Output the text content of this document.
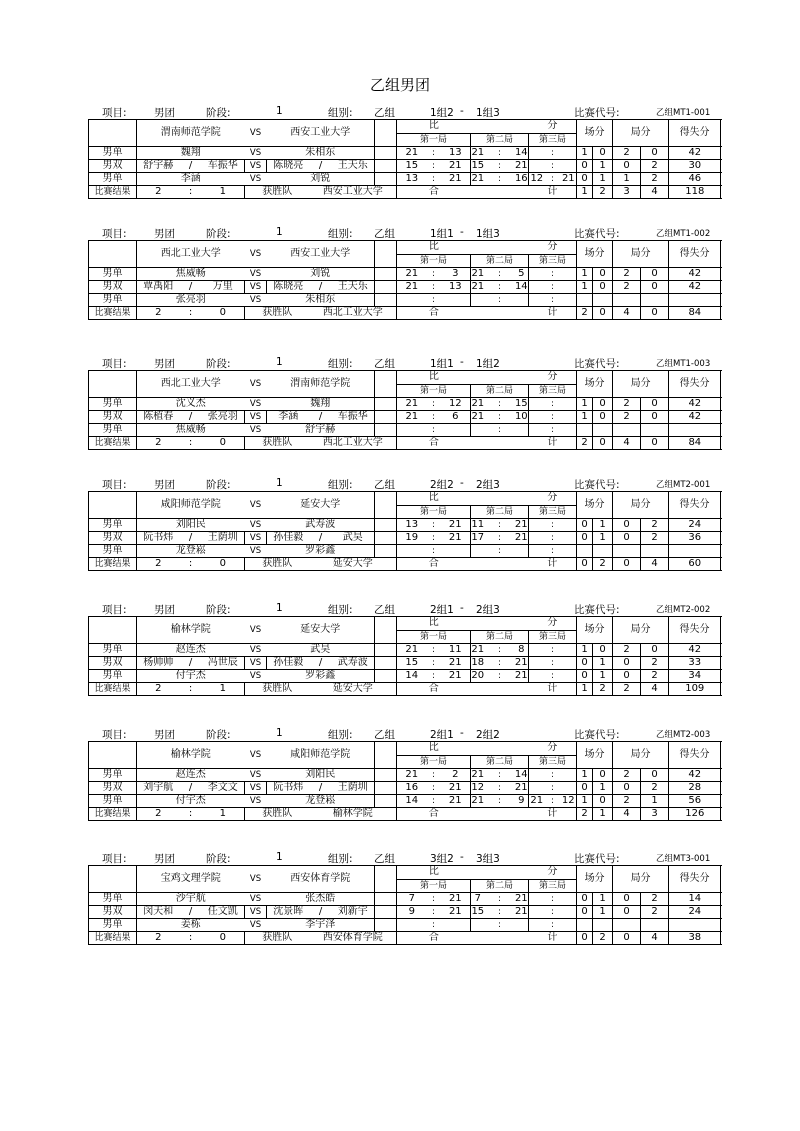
乙组男团
项目:	男团	阶段:	1	组别: 乙组	1组2 - 1组3	比赛代号:	乙组MT1-001
	渭南师范学院			VS	西安工业大学				比						分			场分		局分		得失分	

									第一局			第二局			第三局								
男单	魏翔			VS	朱相东				21	:	13	21	:	14		:		1	0	2	0	42		
男双	舒宇赫	/	车振华	VS	陈晓亮	/	王天乐		15	:	21	15	:	21		:		0	1	0	2	30		
男单	李涵			VS	刘锐				13	:	21	21	:	16	12	:	21	0	1	1	2	46		
比赛结果	2	:	1	获胜队		西安工业大学			合						计			1	2	3	4	118		
项目:	男团	阶段:	1	组别: 乙组	1组1 - 1组3	比赛代号:	乙组MT1-002
	西北工业大学			VS	西安工业大学				比						分			场分		局分		得失分	

									第一局			第二局			第三局								
男单	焦威畅			VS	刘锐				21	:	3	21	:	5		:		1	0	2	0	42		
男双	覃禹阳	/	万里	VS	陈晓亮	/	王天乐		21	:	13	21	:	14		:		1	0	2	0	42		
男单	张亮羽			VS	朱相东					:			:			:								
比赛结果	2	:	0	获胜队		西北工业大学			合						计			2	0	4	0	84		
项目:	男团	阶段:	1	组别: 乙组	1组1 - 1组2	比赛代号:	乙组MT1-003
	西北工业大学			VS	渭南师范学院				比						分			场分		局分		得失分	

									第一局			第二局			第三局								
男单	沈义杰			VS	魏翔				21	:	12	21	:	15		:		1	0	2	0	42		
男双	陈植春	/	张亮羽	VS	李涵	/	车振华		21	:	6	21	:	10		:		1	0	2	0	42		
男单	焦威畅			VS	舒宇赫					:			:			:								
比赛结果	2	:	0	获胜队		西北工业大学			合						计			2	0	4	0	84		
项目:	男团	阶段:	1	组别: 乙组	2组2 - 2组3	比赛代号:	乙组MT2-001
	咸阳师范学院			VS	延安大学				比						分			场分		局分		得失分	

									第一局			第二局			第三局								
男单	刘阳民			VS	武寿波				13	:	21	11	:	21		:		0	1	0	2	24		
男双	阮书炜	/	王荫圳	VS	孙佳毅	/	武昊		19	:	21	17	:	21		:		0	1	0	2	36		
男单	龙登崧			VS	罗彩鑫					:			:			:								
比赛结果	2	:	0	获胜队		延安大学			合						计			0	2	0	4	60		
项目:	男团	阶段:	1	组别: 乙组	2组1 - 2组3	比赛代号:	乙组MT2-002
	榆林学院			VS	延安大学				比						分			场分		局分		得失分	

									第一局			第二局			第三局								
男单	赵连杰			VS	武昊				21	:	11	21	:	8		:		1	0	2	0	42		
男双	杨帅帅	/	冯世辰	VS	孙佳毅	/	武寿波		15	:	21	18	:	21		:		0	1	0	2	33		
男单	付宇杰			VS	罗彩鑫				14	:	21	20	:	21		:		0	1	0	2	34		
比赛结果	2	:	1	获胜队		延安大学			合						计			1	2	2	4	109		
项目:	男团	阶段:	1	组别: 乙组	2组1 - 2组2	比赛代号:	乙组MT2-003
	榆林学院			VS	咸阳师范学院				比						分			场分		局分		得失分	

									第一局			第二局			第三局								
男单	赵连杰			VS	刘阳民				21	:	2	21	:	14		:		1	0	2	0	42		
男双	刘宇航	/	李文文	VS	阮书炜	/	王荫圳		16	:	21	12	:	21		:		0	1	0	2	28		
男单	付宇杰			VS	龙登崧				14	:	21	21	:	9	21	:	12	1	0	2	1	56		
比赛结果	2	:	1	获胜队		榆林学院			合						计			2	1	4	3	126		
项目:	男团	阶段:	1	组别: 乙组	3组2 - 3组3	比赛代号:	乙组MT3-001
	宝鸡文理学院			VS	西安体育学院				比						分			场分		局分		得失分	

									第一局			第二局			第三局								
男单	沙宇航			VS	张杰皓				7	:	21	7	:	21		:		0	1	0	2	14		
男双	闵天和	/	任文凯	VS	沈景晖	/	刘新宇		9	:	21	15	:	21		:		0	1	0	2	24		
男单	姜栋			VS	李宇泽					:			:			:								
比赛结果	2	:	0	获胜队		西安体育学院			合						计			0	2	0	4	38		
